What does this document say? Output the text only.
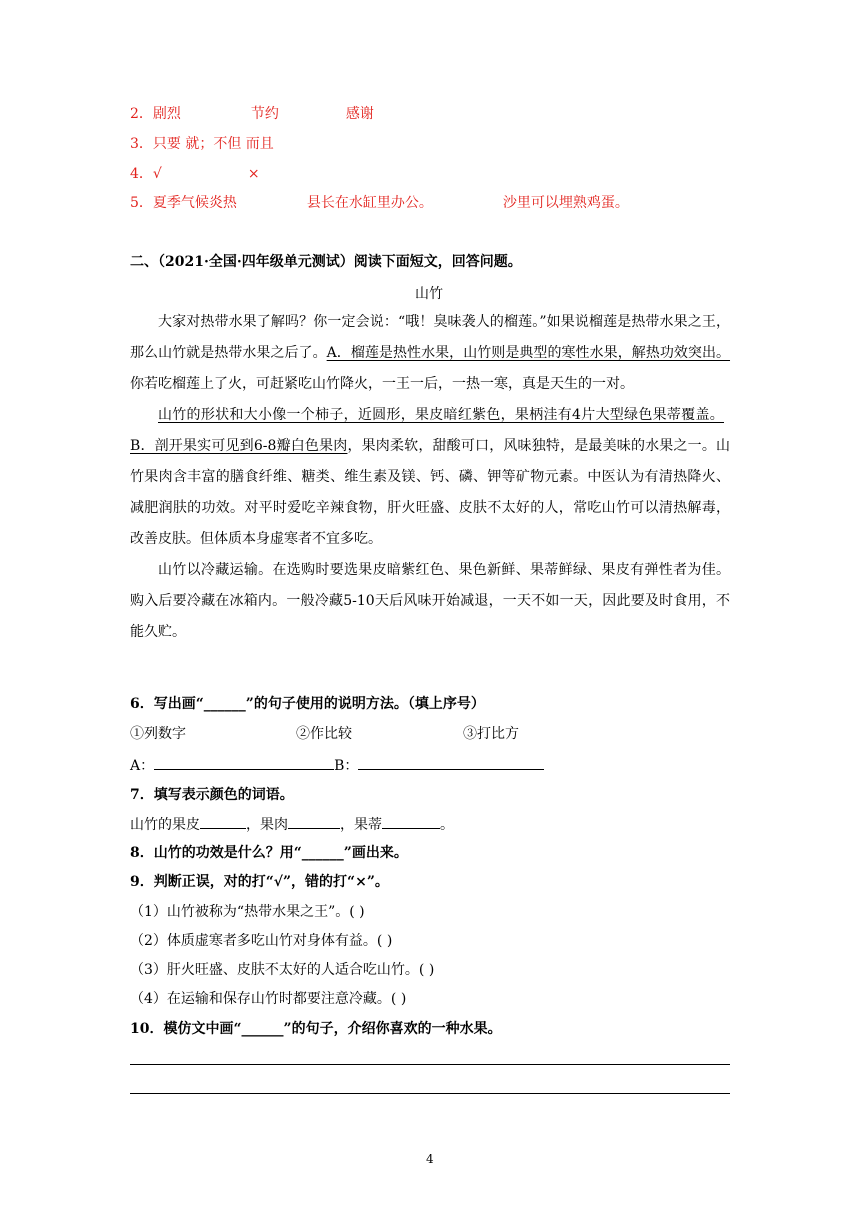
2．剧烈	节约	感谢
3．只要 就；不但 而且
4．√	×
5．夏季气候炎热	县长在水缸里办公。	沙里可以埋熟鸡蛋。
二、（2021·全国·四年级单元测试）阅读下面短文，回答问题。
山竹

大家对热带水果了解吗？你一定会说：“哦！臭味袭人的榴莲。”如果说榴莲是热带水果之王，那么山竹就是热带水果之后了。A．榴莲是热性水果，山竹则是典型的寒性水果，解热功效突出。你若吃榴莲上了火，可赶紧吃山竹降火，一王一后，一热一寒，真是天生的一对。

山竹的形状和大小像一个柿子，近圆形，果皮暗红紫色，果柄洼有4片大型绿色果蒂覆盖。B．剖开果实可见到6-8瓣白色果肉，果肉柔软，甜酸可口，风味独特，是最美味的水果之一。山竹果肉含丰富的膳食纤维、糖类、维生素及镁、钙、磷、钾等矿物元素。中医认为有清热降火、减肥润肤的功效。对平时爱吃辛辣食物，肝火旺盛、皮肤不太好的人，常吃山竹可以清热解毒，改善皮肤。但体质本身虚寒者不宜多吃。

山竹以冷藏运输。在选购时要选果皮暗紫红色、果色新鲜、果蒂鲜绿、果皮有弹性者为佳。购入后要冷藏在冰箱内。一般冷藏5-10天后风味开始减退，一天不如一天，因此要及时食用，不能久贮。

6．写出画“______”的句子使用的说明方法。（填上序号）
①列数字	②作比较	③打比方
A：	B：
7．填写表示颜色的词语。
山竹的果皮	，果肉	，果蒂	。
8．山竹的功效是什么？用“______”画出来。
9．判断正误，对的打“√”，错的打“×”。
（1）山竹被称为“热带水果之王”。( )
（2）体质虚寒者多吃山竹对身体有益。( )
（3）肝火旺盛、皮肤不太好的人适合吃山竹。( )
（4）在运输和保存山竹时都要注意冷藏。( )
10．模仿文中画“______”的句子，介绍你喜欢的一种水果。
4
